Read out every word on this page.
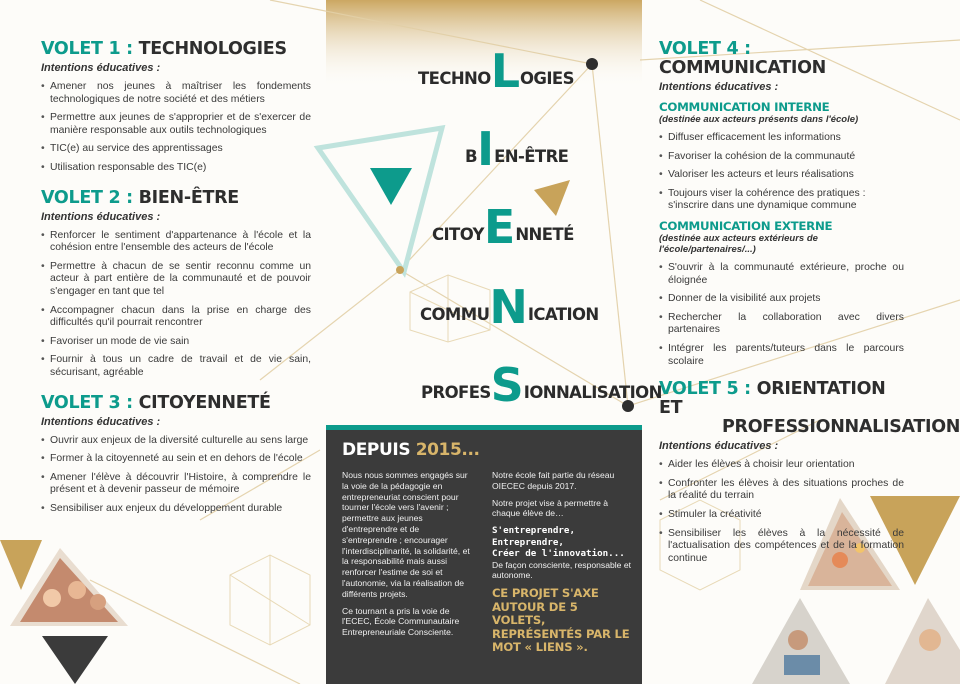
VOLET 1 : TECHNOLOGIES
Intentions éducatives :
• Amener nos jeunes à maîtriser les fondements technologiques de notre société et des métiers
• Permettre aux jeunes de s'approprier et de s'exercer de manière responsable aux outils technologiques
• TIC(e) au service des apprentissages
• Utilisation responsable des TIC(e)
VOLET 2 : BIEN-ÊTRE
Intentions éducatives :
• Renforcer le sentiment d'appartenance à l'école et la cohésion entre l'ensemble des acteurs de l'école
• Permettre à chacun de se sentir reconnu comme un acteur à part entière de la communauté et de pouvoir s'engager en tant que tel
• Accompagner chacun dans la prise en charge des difficultés qu'il pourrait rencontrer
• Favoriser un mode de vie sain
• Fournir à tous un cadre de travail et de vie sain, sécurisant, agréable
VOLET 3 : CITOYENNETÉ
Intentions éducatives :
• Ouvrir aux enjeux de la diversité culturelle au sens large
• Former à la citoyenneté au sein et en dehors de l'école
• Amener l'élève à découvrir l'Histoire, à comprendre le présent et à devenir passeur de mémoire
• Sensibiliser aux enjeux du développement durable
TECHNOLOGIES
BIEN-ÊTRE
CITOYENNETÉ
COMMUNICATION
PROFESSIONNALISATION
DEPUIS 2015...

Nous nous sommes engagés sur la voie de la pédagogie en entrepreneuriat conscient pour tourner l'école vers l'avenir ; permettre aux jeunes d'entreprendre et de s'entreprendre ; encourager l'interdisciplinarité, la solidarité, et la responsabilité mais aussi renforcer l'estime de soi et l'autonomie, via la réalisation de différents projets.

Ce tournant a pris la voie de l'ECEC, École Communautaire Entrepreneuriale Consciente.

Notre école fait partie du réseau OIECEC depuis 2017.

Notre projet vise à permettre à chaque élève de…

S'entreprendre,

Entreprendre,

Créer de l'innovation...

De façon consciente, responsable et autonome.

CE PROJET S'AXE AUTOUR DE 5 VOLETS, REPRÉSENTÉS PAR LE MOT « LIENS ».

VOLET 4 : COMMUNICATION
Intentions éducatives :
COMMUNICATION INTERNE
(destinée aux acteurs présents dans l'école)
• Diffuser efficacement les informations
• Favoriser la cohésion de la communauté
• Valoriser les acteurs et leurs réalisations
• Toujours viser la cohérence des pratiques : s'inscrire dans une dynamique commune
COMMUNICATION EXTERNE
(destinée aux acteurs extérieurs de l'école/partenaires/...)
• S'ouvrir à la communauté extérieure, proche ou éloignée
• Donner de la visibilité aux projets
• Rechercher la collaboration avec divers partenaires
• Intégrer les parents/tuteurs dans le parcours scolaire
VOLET 5 : ORIENTATION ET
PROFESSIONNALISATION
Intentions éducatives :
• Aider les élèves à choisir leur orientation
• Confronter les élèves à des situations proches de la réalité du terrain
• Stimuler la créativité
• Sensibiliser les élèves à la nécessité de l'actualisation des compétences et de la formation continue
